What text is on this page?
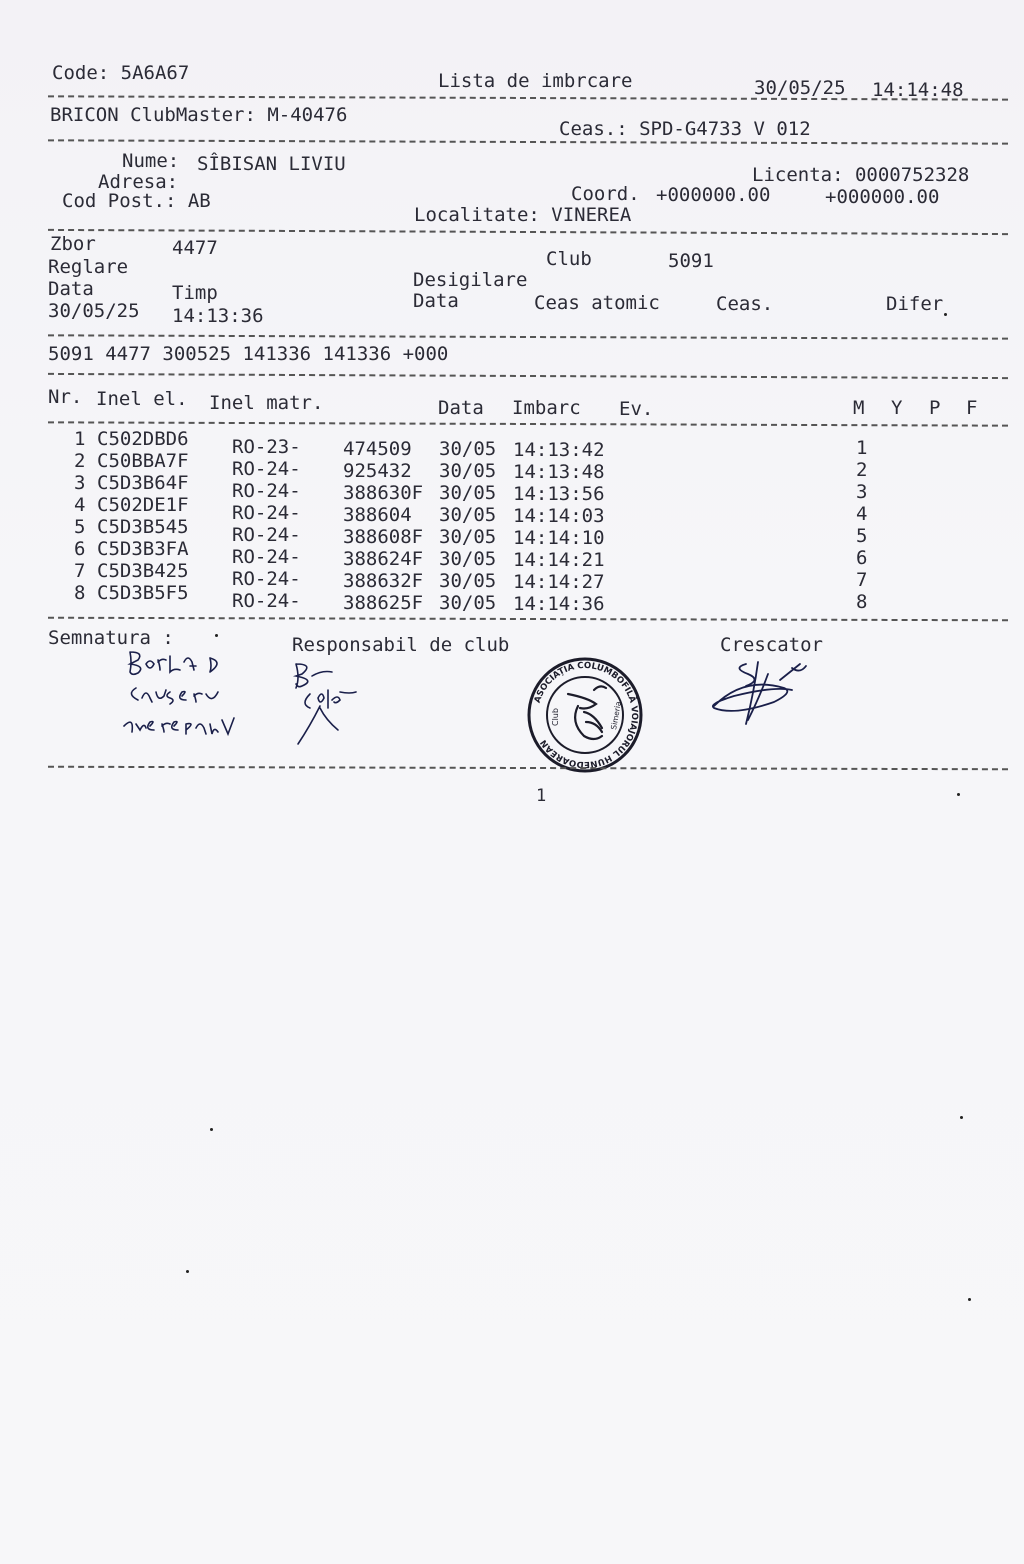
Code: 5A6A67	Lista de imbrcare	30/05/25 14:14:48
BRICON ClubMaster: M-40476
Ceas.: SPD-G4733 V 012
Nume: SÎBISAN LIVIU
Adresa:	Licenta: 0000752328
Cod Post.: AB	Coord. +000000.00	+000000.00
Localitate: VINEREA
Zbor	4477
Reglare	Club	5091
Desigilare
Data	Timp	Data	Ceas atomic	Ceas.	Difer
30/05/25 14:13:36
5091 4477 300525 141336 141336 +000
Nr. Inel el. Inel matr.	Data Imbarc Ev.	M Y P F
1 C502DBD6 RO-23- 474509 30/05 14:13:42	1
2 C50BBA7F RO-24- 925432 30/05 14:13:48	2
3 C5D3B64F RO-24- 388630F 30/05 14:13:56	3
4 C502DE1F RO-24- 388604 30/05 14:14:03	4
5 C5D3B545 RO-24- 388608F 30/05 14:14:10	5
6 C5D3B3FA RO-24- 388624F 30/05 14:14:21	6
7 C5D3B425 RO-24- 388632F 30/05 14:14:27	7
8 C5D3B5F5 RO-24- 388625F 30/05 14:14:36	8
Semnatura :	Responsabil de club	Crescator
ASOCIAȚIA COLUMBOFILĂ VOIAJORUL HUNEDOAREAN
Club	Simeria
1
